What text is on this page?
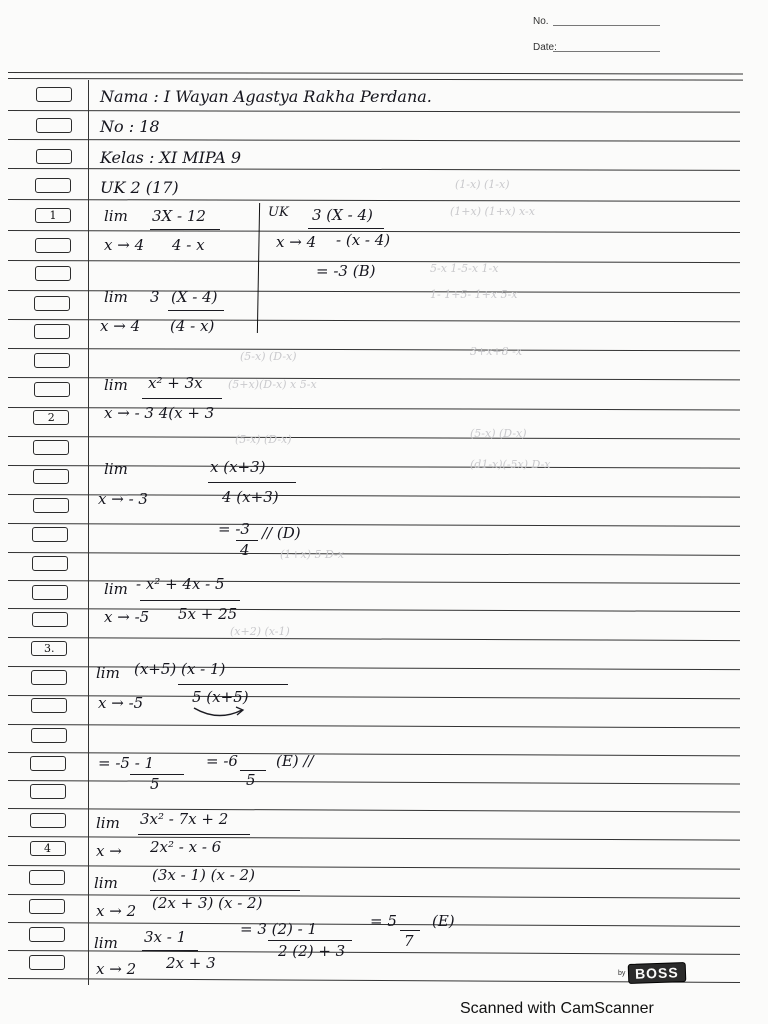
No.
Date:
1
2
3.
4
(1-x) (1-x)
(1+x) (1+x) x-x
5-x 1-5-x 1-x
1- 1+5- 1+x 5-x
(5-x) (D-x)	3+x+8 -x
(5+x)(D-x) x 5-x
(5-x) (D-x)	(5-x) (D-x)
(d1-x)(-5x) D-x
(1+x) 5 D-x
(x+2) (x-1)
Nama : I Wayan Agastya Rakha Perdana.
No : 18
Kelas : XI MIPA 9
UK 2 (17)
lim 3X - 12
x → 4 4 - x
lim 3 (X - 4)
x → 4 (4 - x)
UK 3 (X - 4)
x → 4 - (x - 4)
= -3 (B)
lim x² + 3x
x → - 3 4(x + 3
lim	x (x+3)
x → - 3	4 (x+3)
= -3
4
// (D)
lim - x² + 4x - 5
x → -5 5x + 25
lim (x+5) (x - 1)
x → -5	5 (x+5)
= -5 - 1
5
= -6
5
(E) //
lim 3x² - 7x + 2
x → 2x² - x - 6
lim (3x - 1) (x - 2)
x → 2 (2x + 3) (x - 2)
lim 3x - 1
x → 2 2x + 3
= 3 (2) - 1
2 (2) + 3
= 5
7
(E)
by BOSS
Scanned with CamScanner
